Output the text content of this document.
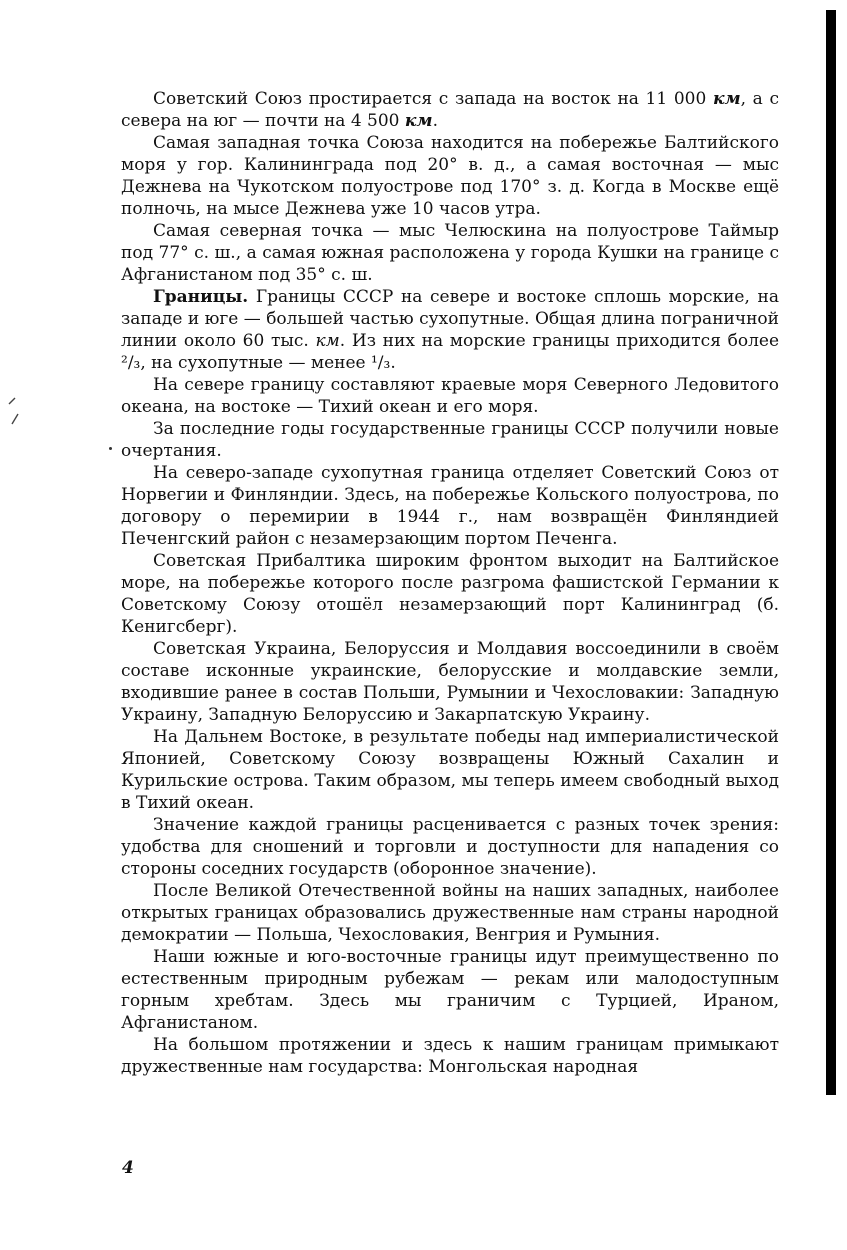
Советский Союз простирается с запада на восток на 11 000 км, а с севера на юг — почти на 4 500 км.

Самая западная точка Союза находится на побережье Балтийского моря у гор. Калининграда под 20° в. д., а самая восточная — мыс Дежнева на Чукотском полуострове под 170° з. д. Когда в Москве ещё полночь, на мысе Дежнева уже 10 часов утра.

Самая северная точка — мыс Челюскина на полуострове Таймыр под 77° с. ш., а самая южная расположена у города Кушки на границе с Афганистаном под 35° с. ш.

Границы. Границы СССР на севере и востоке сплошь морские, на западе и юге — большей частью сухопутные. Общая длина пограничной линии около 60 тыс. км. Из них на морские границы приходится более ²/₃, на сухопутные — менее ¹/₃.

На севере границу составляют краевые моря Северного Ледовитого океана, на востоке — Тихий океан и его моря.

За последние годы государственные границы СССР получили новые очертания.

На северо-западе сухопутная граница отделяет Советский Союз от Норвегии и Финляндии. Здесь, на побережье Кольского полуострова, по договору о перемирии в 1944 г., нам возвращён Финляндией Печенгский район с незамерзающим портом Печенга.

Советская Прибалтика широким фронтом выходит на Балтийское море, на побережье которого после разгрома фашистской Германии к Советскому Союзу отошёл незамерзающий порт Калининград (б. Кенигсберг).

Советская Украина, Белоруссия и Молдавия воссоединили в своём составе исконные украинские, белорусские и молдавские земли, входившие ранее в состав Польши, Румынии и Чехословакии: Западную Украину, Западную Белоруссию и Закарпатскую Украину.

На Дальнем Востоке, в результате победы над империалистической Японией, Советскому Союзу возвращены Южный Сахалин и Курильские острова. Таким образом, мы теперь имеем свободный выход в Тихий океан.

Значение каждой границы расценивается с разных точек зрения: удобства для сношений и торговли и доступности для нападения со стороны соседних государств (оборонное значение).

После Великой Отечественной войны на наших западных, наиболее открытых границах образовались дружественные нам страны народной демократии — Польша, Чехословакия, Венгрия и Румыния.

Наши южные и юго-восточные границы идут преимущественно по естественным природным рубежам — рекам или малодоступным горным хребтам. Здесь мы граничим с Турцией, Ираном, Афганистаном.

На большом протяжении и здесь к нашим границам примыкают дружественные нам государства: Монгольская народная

4
